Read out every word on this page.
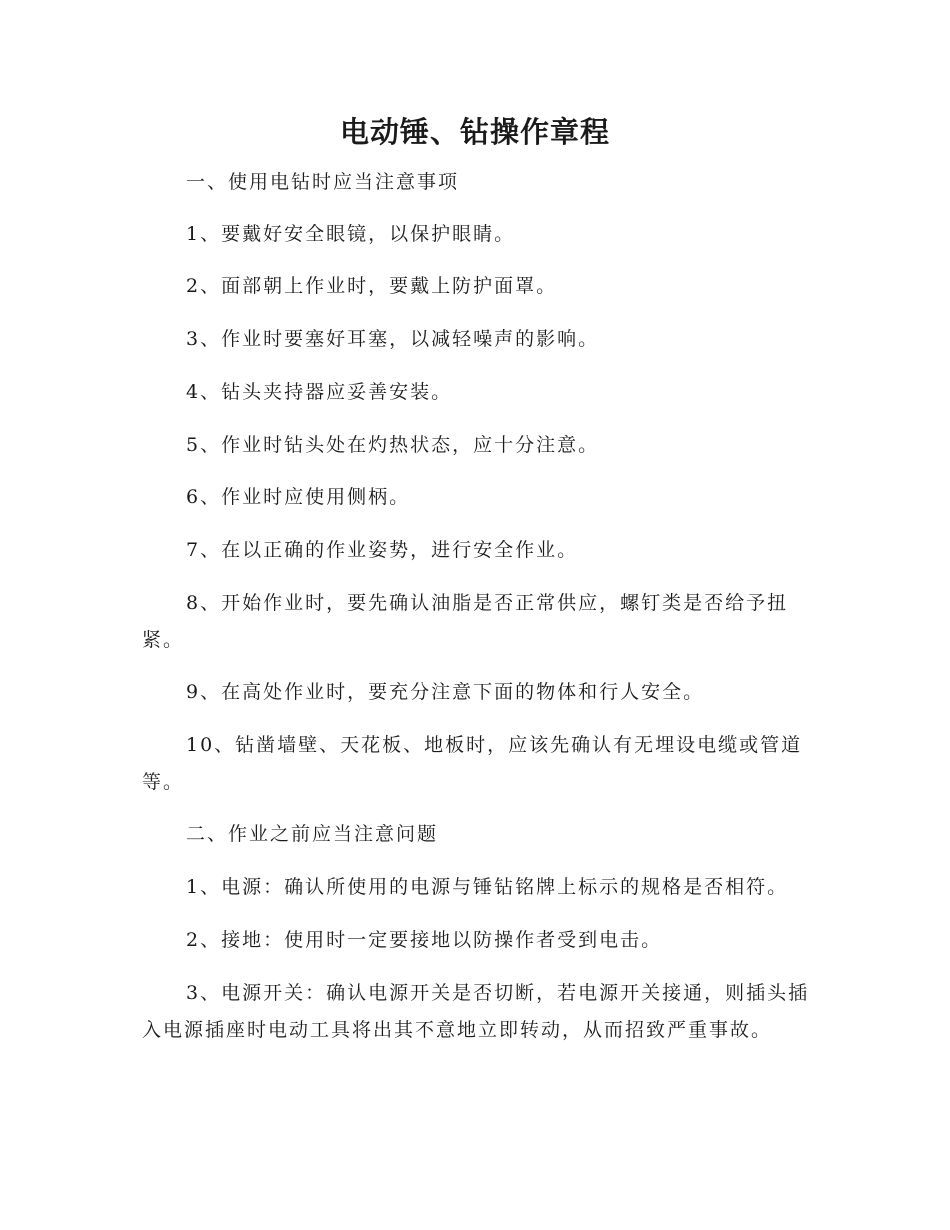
电动锤、钻操作章程

一、使用电钻时应当注意事项

1、要戴好安全眼镜，以保护眼睛。

2、面部朝上作业时，要戴上防护面罩。

3、作业时要塞好耳塞，以减轻噪声的影响。

4、钻头夹持器应妥善安装。

5、作业时钻头处在灼热状态，应十分注意。

6、作业时应使用侧柄。

7、在以正确的作业姿势，进行安全作业。

8、开始作业时，要先确认油脂是否正常供应，螺钉类是否给予扭紧。

9、在高处作业时，要充分注意下面的物体和行人安全。

10、钻凿墙壁、天花板、地板时，应该先确认有无埋设电缆或管道等。

二、作业之前应当注意问题

1、电源：确认所使用的电源与锤钻铭牌上标示的规格是否相符。

2、接地：使用时一定要接地以防操作者受到电击。

3、电源开关：确认电源开关是否切断，若电源开关接通，则插头插入电源插座时电动工具将出其不意地立即转动，从而招致严重事故。
